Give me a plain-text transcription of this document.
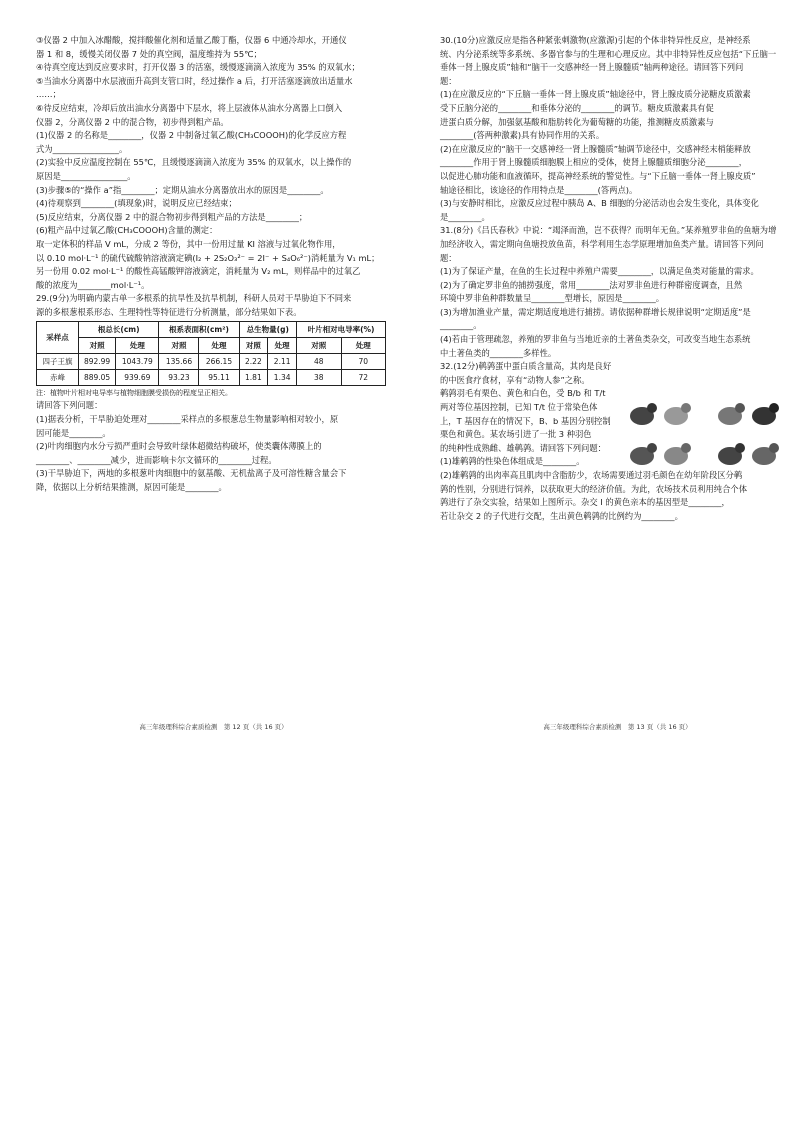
③仪器 2 中加入冰醋酸，搅拌酸催化剂和适量乙酸丁酯，仪器 6 中通冷却水，开通仪

器 1 和 8，缓慢关闭仪器 7 处的真空阀，温度维持为 55℃；

④待真空度达到反应要求时，打开仪器 3 的活塞，缓慢逐滴滴入浓度为 35% 的双氧水；

⑤当油水分离器中水层液面升高到支管口时，经过操作 a 后，打开活塞逐滴放出适量水

……；

⑥待反应结束，冷却后放出油水分离器中下层水，将上层液体从油水分离器上口倒入

仪器 2，分离仪器 2 中的混合物，初步得到粗产品。

(1)仪器 2 的名称是________，仪器 2 中制备过氧乙酸(CH₃COOOH)的化学反应方程

式为________________。

(2)实验中反应温度控制在 55℃，且缓慢逐滴滴入浓度为 35% 的双氧水，以上操作的

原因是________________。

(3)步骤⑤的“操作 a”指________；定期从油水分离器放出水的原因是________。

(4)待观察到________(填现象)时，说明反应已经结束；

(5)反应结束，分离仪器 2 中的混合物初步得到粗产品的方法是________；

(6)粗产品中过氧乙酸(CH₃COOOH)含量的测定：

取一定体积的样品 V mL，分成 2 等份，其中一份用过量 KI 溶液与过氧化物作用，

以 0.10 mol·L⁻¹ 的硫代硫酸钠溶液滴定碘(I₂ + 2S₂O₃²⁻ = 2I⁻ + S₄O₆²⁻)消耗量为 V₁ mL；

另一份用 0.02 mol·L⁻¹ 的酸性高锰酸钾溶液滴定，消耗量为 V₂ mL，则样品中的过氧乙

酸的浓度为________mol·L⁻¹。

29.(9分)为明确内蒙古单一多根系的抗旱性及抗旱机制，科研人员对干旱胁迫下不同来

源的多根葱根系形态、生理特性等特征进行分析测量，部分结果如下表。

采样点	根总长(cm)		根系表面积(cm²)		总生物量(g)		叶片相对电导率(%)	
	对照	处理	对照	处理	对照	处理	对照	处理
四子王旗	892.99	1043.79	135.66	266.15	2.22	2.11	48	70
赤峰	889.05	939.69	93.23	95.11	1.81	1.34	38	72

注：植物叶片相对电导率与植物细胞膜受损伤的程度呈正相关。

请回答下列问题：

(1)据表分析，干旱胁迫处理对________采样点的多根葱总生物量影响相对较小，原

因可能是________。

(2)叶肉细胞内水分亏损严重时会导致叶绿体超微结构破坏，使类囊体薄膜上的

________、________减少，进而影响卡尔文循环的________过程。

(3)干旱胁迫下，两地的多根葱叶肉细胞中的氨基酸、无机盐离子及可溶性糖含量会下

降，依据以上分析结果推测，原因可能是________。

30.(10分)应激反应是指各种紧张刺激物(应激源)引起的个体非特异性反应，是神经系

统、内分泌系统等多系统、多器官参与的生理和心理反应。其中非特异性反应包括“下丘脑一

垂体一肾上腺皮质”轴和“脑干一交感神经一肾上腺髓质”轴两种途径。请回答下列问

题：

(1)在应激反应的“下丘脑一垂体一肾上腺皮质”轴途径中，肾上腺皮质分泌糖皮质激素

受下丘脑分泌的________和垂体分泌的________的调节。糖皮质激素具有促

进蛋白质分解，加强氨基酸和脂肪转化为葡萄糖的功能，推测糖皮质激素与

________(答两种激素)具有协同作用的关系。

(2)在应激反应的“脑干一交感神经一肾上腺髓质”轴调节途径中，交感神经末梢能释放

________作用于肾上腺髓质细胞膜上相应的受体，使肾上腺髓质细胞分泌________，

以促进心肺功能和血液循环，提高神经系统的警觉性。与“下丘脑一垂体一肾上腺皮质”

轴途径相比，该途径的作用特点是________(答两点)。

(3)与安静时相比，应激反应过程中胰岛 A、B 细胞的分泌活动也会发生变化，具体变化

是________。

31.(8分)《吕氏春秋》中说：“竭泽而渔，岂不获得？而明年无鱼。”某养殖罗非鱼的鱼塘为增

加经济收入，需定期向鱼塘投放鱼苗，科学利用生态学原理增加鱼类产量。请回答下列问

题：

(1)为了保证产量，在鱼的生长过程中养殖户需要________，以满足鱼类对能量的需求。

(2)为了确定罗非鱼的捕捞强度，常用________法对罗非鱼进行种群密度调查，且然

环境中罗非鱼种群数量呈________型增长，原因是________。

(3)为增加渔业产量，需定期适度地进行捕捞。请依据种群增长规律说明“定期适度”是

________。

(4)若由于管理疏忽，养殖的罗非鱼与当地近亲的土著鱼类杂交，可改变当地生态系统

中土著鱼类的________多样性。

32.(12分)鹌鹑蛋中蛋白质含量高，其肉是良好

的中医食疗食材，享有“动物人参”之称。

鹌鹑羽毛有栗色、黄色和白色，受 B/b 和 T/t

两对等位基因控制，已知 T/t 位于常染色体

上，T 基因存在的情况下，B、b 基因分别控制

栗色和黄色。某农场引进了一批 3 种羽色

的纯种性成熟雌、雄鹌鹑。请回答下列问题：

(1)雄鹌鹑的性染色体组成是________。

(2)雄鹌鹑的出肉率高且肌肉中含脂肪少，农场需要通过羽毛颜色在幼年阶段区分鹌

鹑的性别，分别进行饲养，以获取更大的经济价值。为此，农场技术员利用纯合个体

鹑进行了杂交实验，结果如上图所示。杂交 I 的黄色亲本的基因型是________，

若让杂交 2 的子代进行交配，生出黄色鹌鹑的比例约为________。

高三年级理科综合素质检测　第 12 页（共 16 页）	高三年级理科综合素质检测　第 13 页（共 16 页）
